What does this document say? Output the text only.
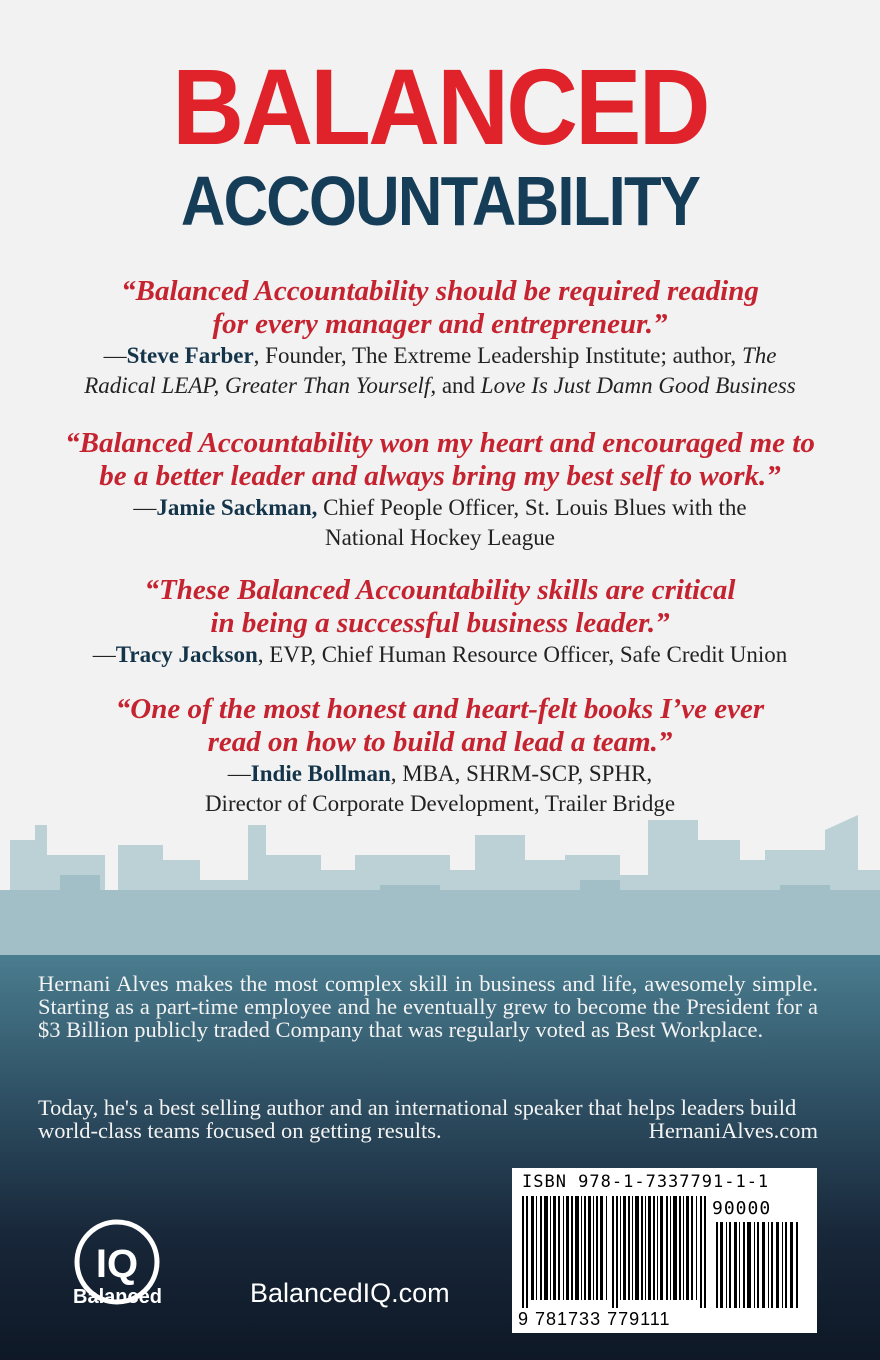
BALANCED
ACCOUNTABILITY
“Balanced Accountability should be required reading
for every manager and entrepreneur.”
—Steve Farber, Founder, The Extreme Leadership Institute; author, The
Radical LEAP, Greater Than Yourself, and Love Is Just Damn Good Business
“Balanced Accountability won my heart and encouraged me to
be a better leader and always bring my best self to work.”
—Jamie Sackman, Chief People Officer, St. Louis Blues with the
National Hockey League
“These Balanced Accountability skills are critical
in being a successful business leader.”
—Tracy Jackson, EVP, Chief Human Resource Officer, Safe Credit Union
“One of the most honest and heart-felt books I’ve ever
read on how to build and lead a team.”
—Indie Bollman, MBA, SHRM-SCP, SPHR,
Director of Corporate Development, Trailer Bridge
Hernani Alves makes the most complex skill in business and life, awesomely simple. Starting as a part-time employee and he eventually grew to become the President for a $3 Billion publicly traded Company that was regularly voted as Best Workplace.
Today, he's a best selling author and an international speaker that helps leaders build world-class teams focused on getting results.	HernaniAlves.com
IQ
Balanced	BalancedIQ.com
ISBN 978-1-7337791-1-1
90000
9 781733 779111
